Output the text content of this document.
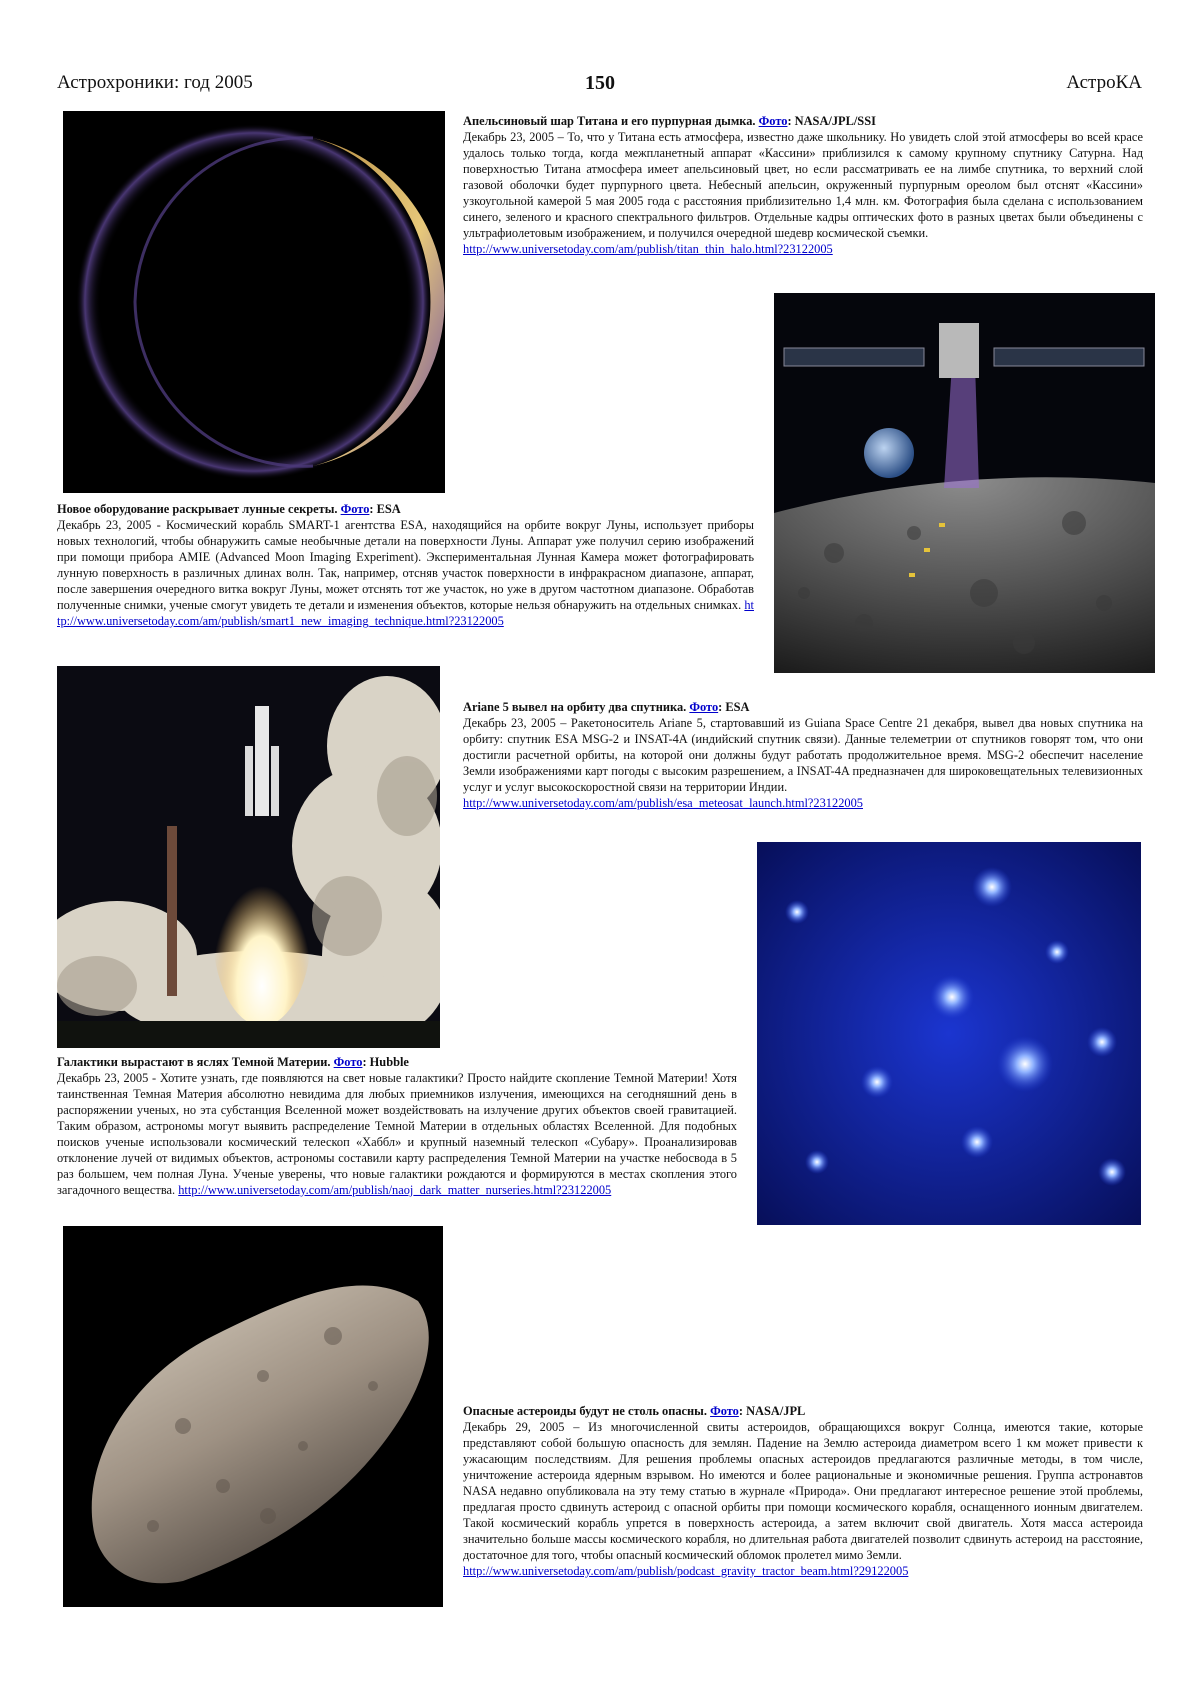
Астрохроники: год 2005	150	АстроКА
Апельсиновый шар Титана и его пурпурная дымка. Фото: NASA/JPL/SSI
Декабрь 23, 2005 – То, что у Титана есть атмосфера, известно даже школьнику. Но увидеть слой этой атмосферы во всей красе удалось только тогда, когда межпланетный аппарат «Кассини» приблизился к самому крупному спутнику Сатурна. Над поверхностью Титана атмосфера имеет апельсиновый цвет, но если рассматривать ее на лимбе спутника, то верхний слой газовой оболочки будет пурпурного цвета. Небесный апельсин, окруженный пурпурным ореолом был отснят «Кассини» узкоугольной камерой 5 мая 2005 года с расстояния приблизительно 1,4 млн. км. Фотография была сделана с использованием синего, зеленого и красного спектрального фильтров. Отдельные кадры оптических фото в разных цветах были объединены с ультрафиолетовым изображением, и получился очередной шедевр космической съемки.
http://www.universetoday.com/am/publish/titan_thin_halo.html?23122005
Новое оборудование раскрывает лунные секреты. Фото: ESA
Декабрь 23, 2005 - Космический корабль SMART-1 агентства ESA, находящийся на орбите вокруг Луны, использует приборы новых технологий, чтобы обнаружить самые необычные детали на поверхности Луны. Аппарат уже получил серию изображений при помощи прибора AMIE (Advanced Moon Imaging Experiment). Экспериментальная Лунная Камера может фотографировать лунную поверхность в различных длинах волн. Так, например, отсняв участок поверхности в инфракрасном диапазоне, аппарат, после завершения очередного витка вокруг Луны, может отснять тот же участок, но уже в другом частотном диапазоне. Обработав полученные снимки, ученые смогут увидеть те детали и изменения объектов, которые нельзя обнаружить на отдельных снимках. http://www.universetoday.com/am/publish/smart1_new_imaging_technique.html?23122005
Ariane 5 вывел на орбиту два спутника. Фото: ESA
Декабрь 23, 2005 – Ракетоноситель Ariane 5, стартовавший из Guiana Space Centre 21 декабря, вывел два новых спутника на орбиту: спутник ESA MSG-2 и INSAT-4A (индийский спутник связи). Данные телеметрии от спутников говорят том, что они достигли расчетной орбиты, на которой они должны будут работать продолжительное время. MSG-2 обеспечит население Земли изображениями карт погоды с высоким разрешением, а INSAT-4A предназначен для широковещательных телевизионных услуг и услуг высокоскоростной связи на территории Индии.
http://www.universetoday.com/am/publish/esa_meteosat_launch.html?23122005
Галактики вырастают в яслях Темной Материи. Фото: Hubble
Декабрь 23, 2005 - Хотите узнать, где появляются на свет новые галактики? Просто найдите скопление Темной Материи! Хотя таинственная Темная Материя абсолютно невидима для любых приемников излучения, имеющихся на сегодняшний день в распоряжении ученых, но эта субстанция Вселенной может воздействовать на излучение других объектов своей гравитацией. Таким образом, астрономы могут выявить распределение Темной Материи в отдельных областях Вселенной. Для подобных поисков ученые использовали космический телескоп «Хаббл» и крупный наземный телескоп «Субару». Проанализировав отклонение лучей от видимых объектов, астрономы составили карту распределения Темной Материи на участке небосвода в 5 раз большем, чем полная Луна. Ученые уверены, что новые галактики рождаются и формируются в местах скопления этого загадочного вещества. http://www.universetoday.com/am/publish/naoj_dark_matter_nurseries.html?23122005
Опасные астероиды будут не столь опасны. Фото: NASA/JPL
Декабрь 29, 2005 – Из многочисленной свиты астероидов, обращающихся вокруг Солнца, имеются такие, которые представляют собой большую опасность для землян. Падение на Землю астероида диаметром всего 1 км может привести к ужасающим последствиям. Для решения проблемы опасных астероидов предлагаются различные методы, в том числе, уничтожение астероида ядерным взрывом. Но имеются и более рациональные и экономичные решения. Группа астронавтов NASA недавно опубликовала на эту тему статью в журнале «Природа». Они предлагают интересное решение этой проблемы, предлагая просто сдвинуть астероид с опасной орбиты при помощи космического корабля, оснащенного ионным двигателем. Такой космический корабль упрется в поверхность астероида, а затем включит свой двигатель. Хотя масса астероида значительно больше массы космического корабля, но длительная работа двигателей позволит сдвинуть астероид на расстояние, достаточное для того, чтобы опасный космический обломок пролетел мимо Земли.
http://www.universetoday.com/am/publish/podcast_gravity_tractor_beam.html?29122005
